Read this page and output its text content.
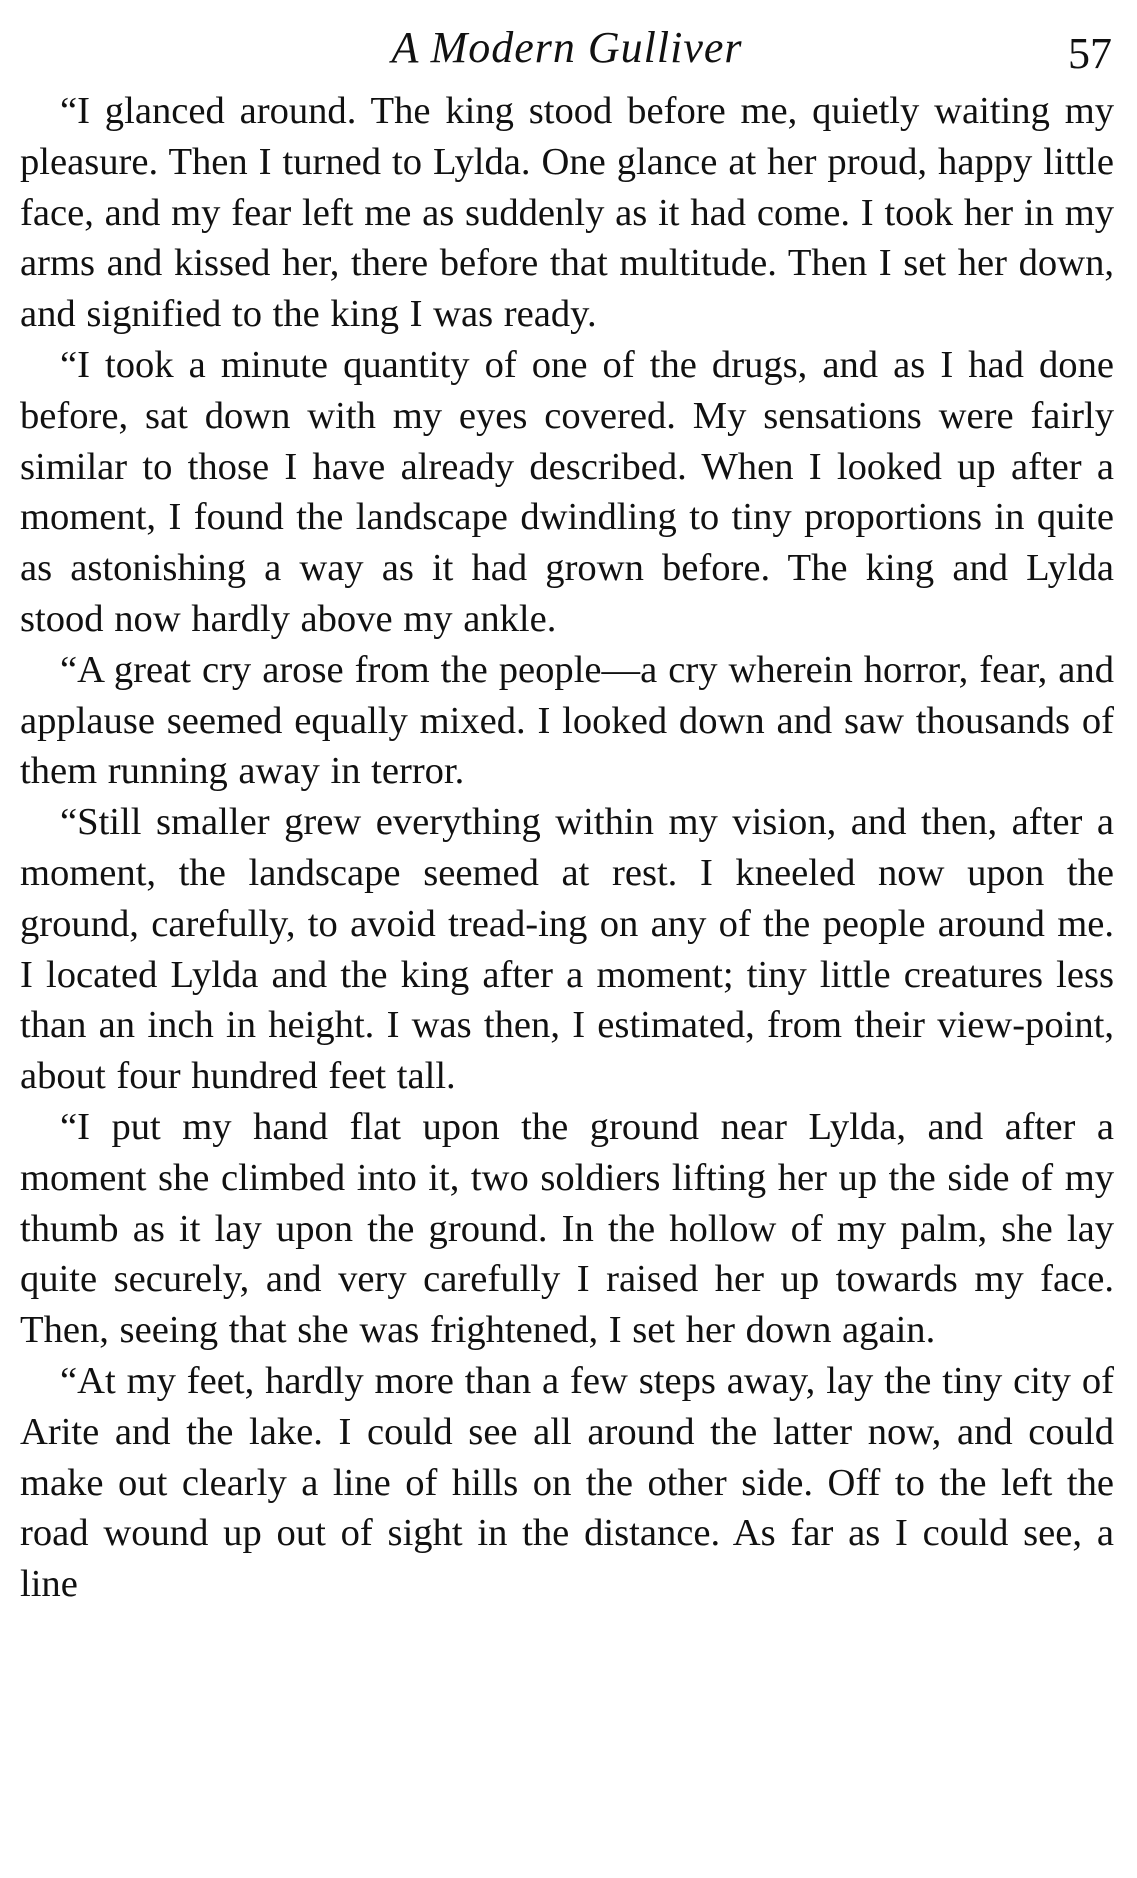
A Modern Gulliver	57

“I glanced around. The king stood before me, quietly waiting my pleasure. Then I turned to Lylda. One glance at her proud, happy little face, and my fear left me as suddenly as it had come. I took her in my arms and kissed her, there before that multitude. Then I set her down, and signified to the king I was ready.

“I took a minute quantity of one of the drugs, and as I had done before, sat down with my eyes covered. My sensations were fairly similar to those I have already described. When I looked up after a moment, I found the landscape dwindling to tiny proportions in quite as astonishing a way as it had grown before. The king and Lylda stood now hardly above my ankle.

“A great cry arose from the people—a cry wherein horror, fear, and applause seemed equally mixed. I looked down and saw thousands of them running away in terror.

“Still smaller grew everything within my vision, and then, after a moment, the landscape seemed at rest. I kneeled now upon the ground, carefully, to avoid tread-ing on any of the people around me. I located Lylda and the king after a moment; tiny little creatures less than an inch in height. I was then, I estimated, from their view-point, about four hundred feet tall.

“I put my hand flat upon the ground near Lylda, and after a moment she climbed into it, two soldiers lifting her up the side of my thumb as it lay upon the ground. In the hollow of my palm, she lay quite securely, and very carefully I raised her up towards my face. Then, seeing that she was frightened, I set her down again.

“At my feet, hardly more than a few steps away, lay the tiny city of Arite and the lake. I could see all around the latter now, and could make out clearly a line of hills on the other side. Off to the left the road wound up out of sight in the distance. As far as I could see, a line
